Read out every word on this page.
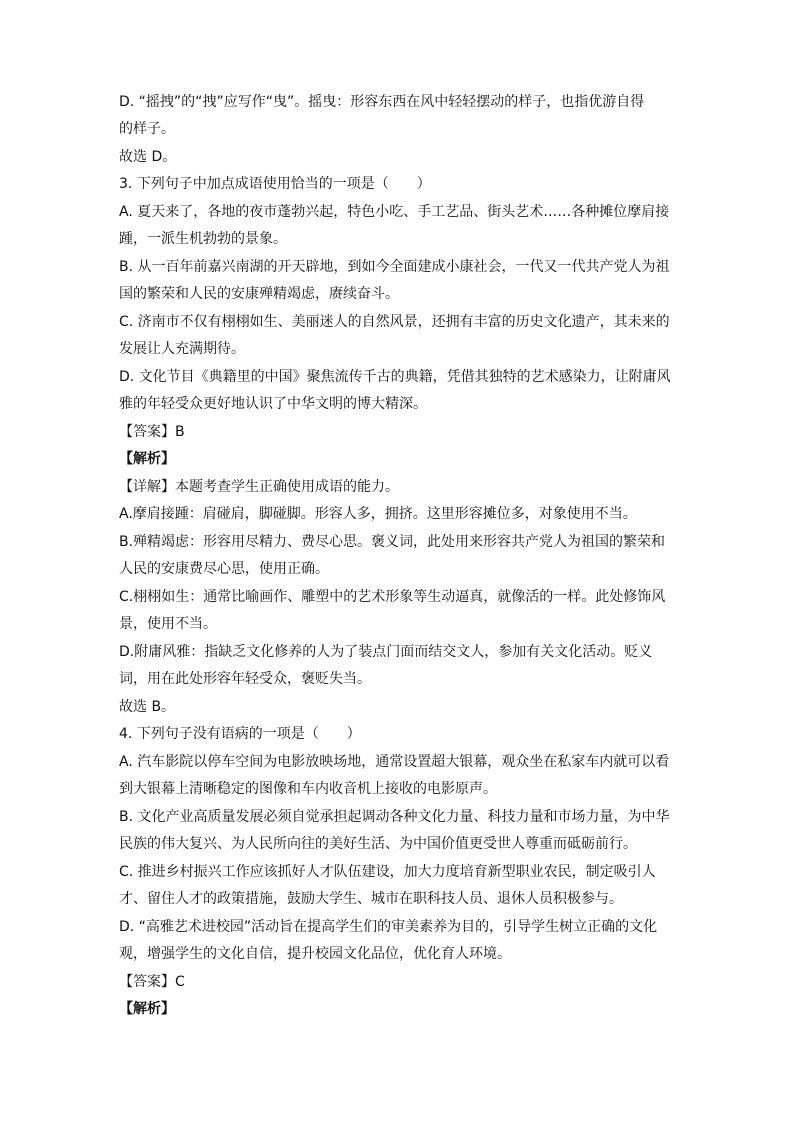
D. “摇拽”的“拽”应写作“曳”。摇曳：形容东西在风中轻轻摆动的样子，也指优游自得
的样子。
故选 D。
3. 下列句子中加点成语使用恰当的一项是（　　）
A. 夏天来了，各地的夜市蓬勃兴起，特色小吃、手工艺品、街头艺术……各种摊位摩肩接
踵，一派生机勃勃的景象。
B. 从一百年前嘉兴南湖的开天辟地，到如今全面建成小康社会，一代又一代共产党人为祖
国的繁荣和人民的安康殚精竭虑，赓续奋斗。
C. 济南市不仅有栩栩如生、美丽迷人的自然风景，还拥有丰富的历史文化遗产，其未来的
发展让人充满期待。
D. 文化节目《典籍里的中国》聚焦流传千古的典籍，凭借其独特的艺术感染力，让附庸风
雅的年轻受众更好地认识了中华文明的博大精深。
【答案】B
【解析】
【详解】本题考查学生正确使用成语的能力。
A.摩肩接踵：肩碰肩，脚碰脚。形容人多，拥挤。这里形容摊位多，对象使用不当。
B.殚精竭虑：形容用尽精力、费尽心思。褒义词，此处用来形容共产党人为祖国的繁荣和
人民的安康费尽心思，使用正确。
C.栩栩如生：通常比喻画作、雕塑中的艺术形象等生动逼真，就像活的一样。此处修饰风
景，使用不当。
D.附庸风雅：指缺乏文化修养的人为了装点门面而结交文人，参加有关文化活动。贬义
词，用在此处形容年轻受众，褒贬失当。
故选 B。
4. 下列句子没有语病的一项是（　　）
A. 汽车影院以停车空间为电影放映场地，通常设置超大银幕，观众坐在私家车内就可以看
到大银幕上清晰稳定的图像和车内收音机上接收的电影原声。
B. 文化产业高质量发展必须自觉承担起调动各种文化力量、科技力量和市场力量，为中华
民族的伟大复兴、为人民所向往的美好生活、为中国价值更受世人尊重而砥砺前行。
C. 推进乡村振兴工作应该抓好人才队伍建设，加大力度培育新型职业农民，制定吸引人
才、留住人才的政策措施，鼓励大学生、城市在职科技人员、退休人员积极参与。
D. “高雅艺术进校园”活动旨在提高学生们的审美素养为目的，引导学生树立正确的文化
观，增强学生的文化自信，提升校园文化品位，优化育人环境。
【答案】C
【解析】
